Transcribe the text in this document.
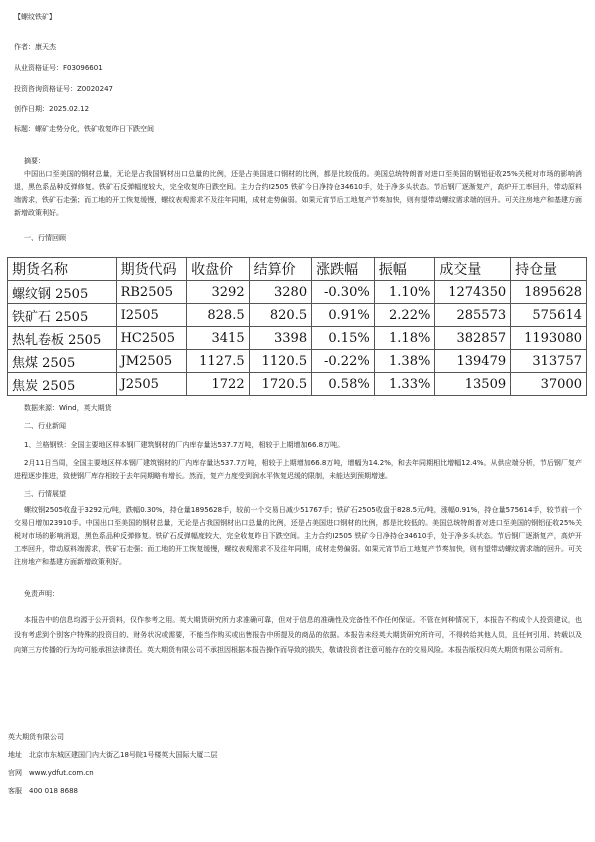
【螺纹铁矿】
作者：康天杰
从业资格证号：F03096601
投资咨询资格证号：Z0020247
创作日期：2025.02.12
标题：螺矿走势分化，铁矿收复昨日下跌空间
摘要：
中国出口至美国的钢材总量，无论是占我国钢材出口总量的比例，还是占美国进口钢材的比例，都是比较低的。美国总统特朗普对进口至美国的钢铝征收25%关税对市场的影响消退，黑色系品种反弹修复。铁矿石反弹幅度较大，完全收复昨日跌空间。主力合约I2505 铁矿今日净持仓34610手，处于净多头状态。节后钢厂逐渐复产，高炉开工率回升，带动原料端需求，铁矿石走强；而工地的开工恢复缓慢，螺纹表观需求不及往年同期，成材走势偏弱。如果元宵节后工地复产节奏加快，则有望带动螺纹需求端的回升。可关注房地产和基建方面新增政策利好。
一、行情回顾
期货名称	期货代码	收盘价	结算价	涨跌幅	振幅	成交量	持仓量
螺纹钢 2505	RB2505	3292	3280	-0.30%	1.10%	1274350	1895628
铁矿石 2505	I2505	828.5	820.5	0.91%	2.22%	285573	575614
热轧卷板 2505	HC2505	3415	3398	0.15%	1.18%	382857	1193080
焦煤 2505	JM2505	1127.5	1120.5	-0.22%	1.38%	139479	313757
焦炭 2505	J2505	1722	1720.5	0.58%	1.33%	13509	37000
数据来源：Wind，英大期货
二、行业新闻
1、兰格钢铁：全国主要地区样本钢厂建筑钢材的厂内库存量达537.7万吨，相较于上期增加66.8万吨。
2月11日当周，全国主要地区样本钢厂建筑钢材的厂内库存量达537.7万吨，相较于上期增加66.8万吨，增幅为14.2%，和去年同期相比增幅12.4%。从供应端分析，节后钢厂复产进程逐步推进，致使钢厂库存相较于去年同期略有增长。然而，复产力度受到润水平恢复迟缓的限制，未能达到预期增速。
三、行情展望
螺纹钢2505收盘于3292元/吨，跌幅0.30%，持仓量1895628手，较前一个交易日减少51767手；铁矿石2505收盘于828.5元/吨，涨幅0.91%，持仓量575614手，较节前一个交易日增加23910手。中国出口至美国的钢材总量，无论是占我国钢材出口总量的比例，还是占美国进口钢材的比例，都是比较低的。美国总统特朗普对进口至美国的钢铝征收25%关税对市场的影响消退，黑色系品种反弹修复。铁矿石反弹幅度较大，完全收复昨日下跌空间。主力合约I2505 铁矿今日净持仓34610手，处于净多头状态。节后钢厂逐渐复产，高炉开工率回升，带动原料端需求，铁矿石走强；而工地的开工恢复缓慢，螺纹表观需求不及往年同期，成材走势偏弱。如果元宵节后工地复产节奏加快，则有望带动螺纹需求端的回升。可关注房地产和基建方面新增政策利好。
免责声明：
本报告中的信息均源于公开资料，仅作参考之用。英大期货研究所力求准确可靠，但对于信息的准确性及完备性不作任何保证。不管在何种情况下，本报告不构成个人投资建议，也没有考虑到个别客户特殊的投资目的、财务状况或需要，不能当作购买或出售报告中所提及的商品的依据。本报告未经英大期货研究所许可，不得转给其他人员，且任何引用、转载以及向第三方传播的行为均可能承担法律责任。英大期货有限公司不承担因根据本报告操作而导致的损失，敬请投资者注意可能存在的交易风险。本报告版权归英大期货有限公司所有。
英大期货有限公司
地址　北京市东城区建国门内大街乙18号院1号楼英大国际大厦二层
官网　www.ydfut.com.cn
客服　400 018 8688
